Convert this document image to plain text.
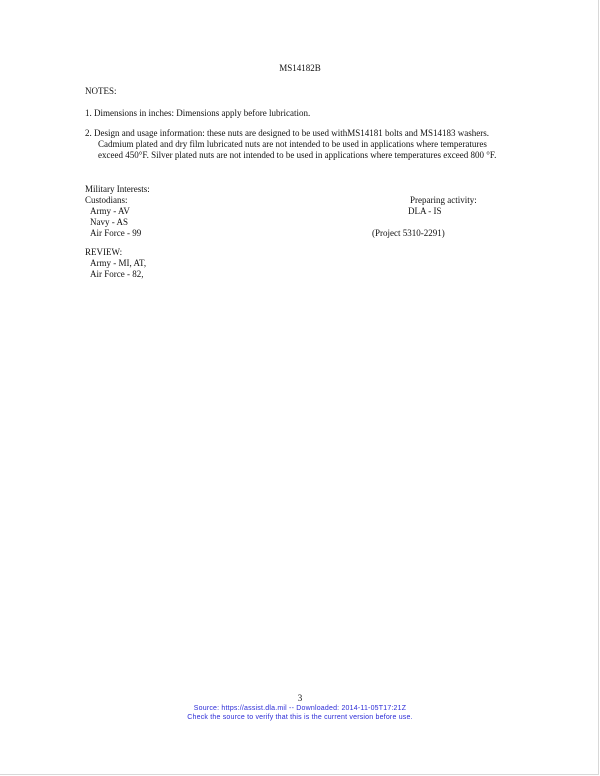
MS14182B
NOTES:
1. Dimensions in inches: Dimensions apply before lubrication.
2. Design and usage information: these nuts are designed to be used withMS14181 bolts and MS14183 washers.
Cadmium plated and dry film lubricated nuts are not intended to be used in applications where temperatures
exceed 450°F. Silver plated nuts are not intended to be used in applications where temperatures exceed 800 °F.
Military Interests:
Custodians:
Army - AV
Navy - AS
Air Force - 99
Preparing activity:
DLA - IS
(Project 5310-2291)
REVIEW:
Army - MI, AT,
Air Force - 82,
3
Source: https://assist.dla.mil -- Downloaded: 2014-11-05T17:21Z
Check the source to verify that this is the current version before use.
